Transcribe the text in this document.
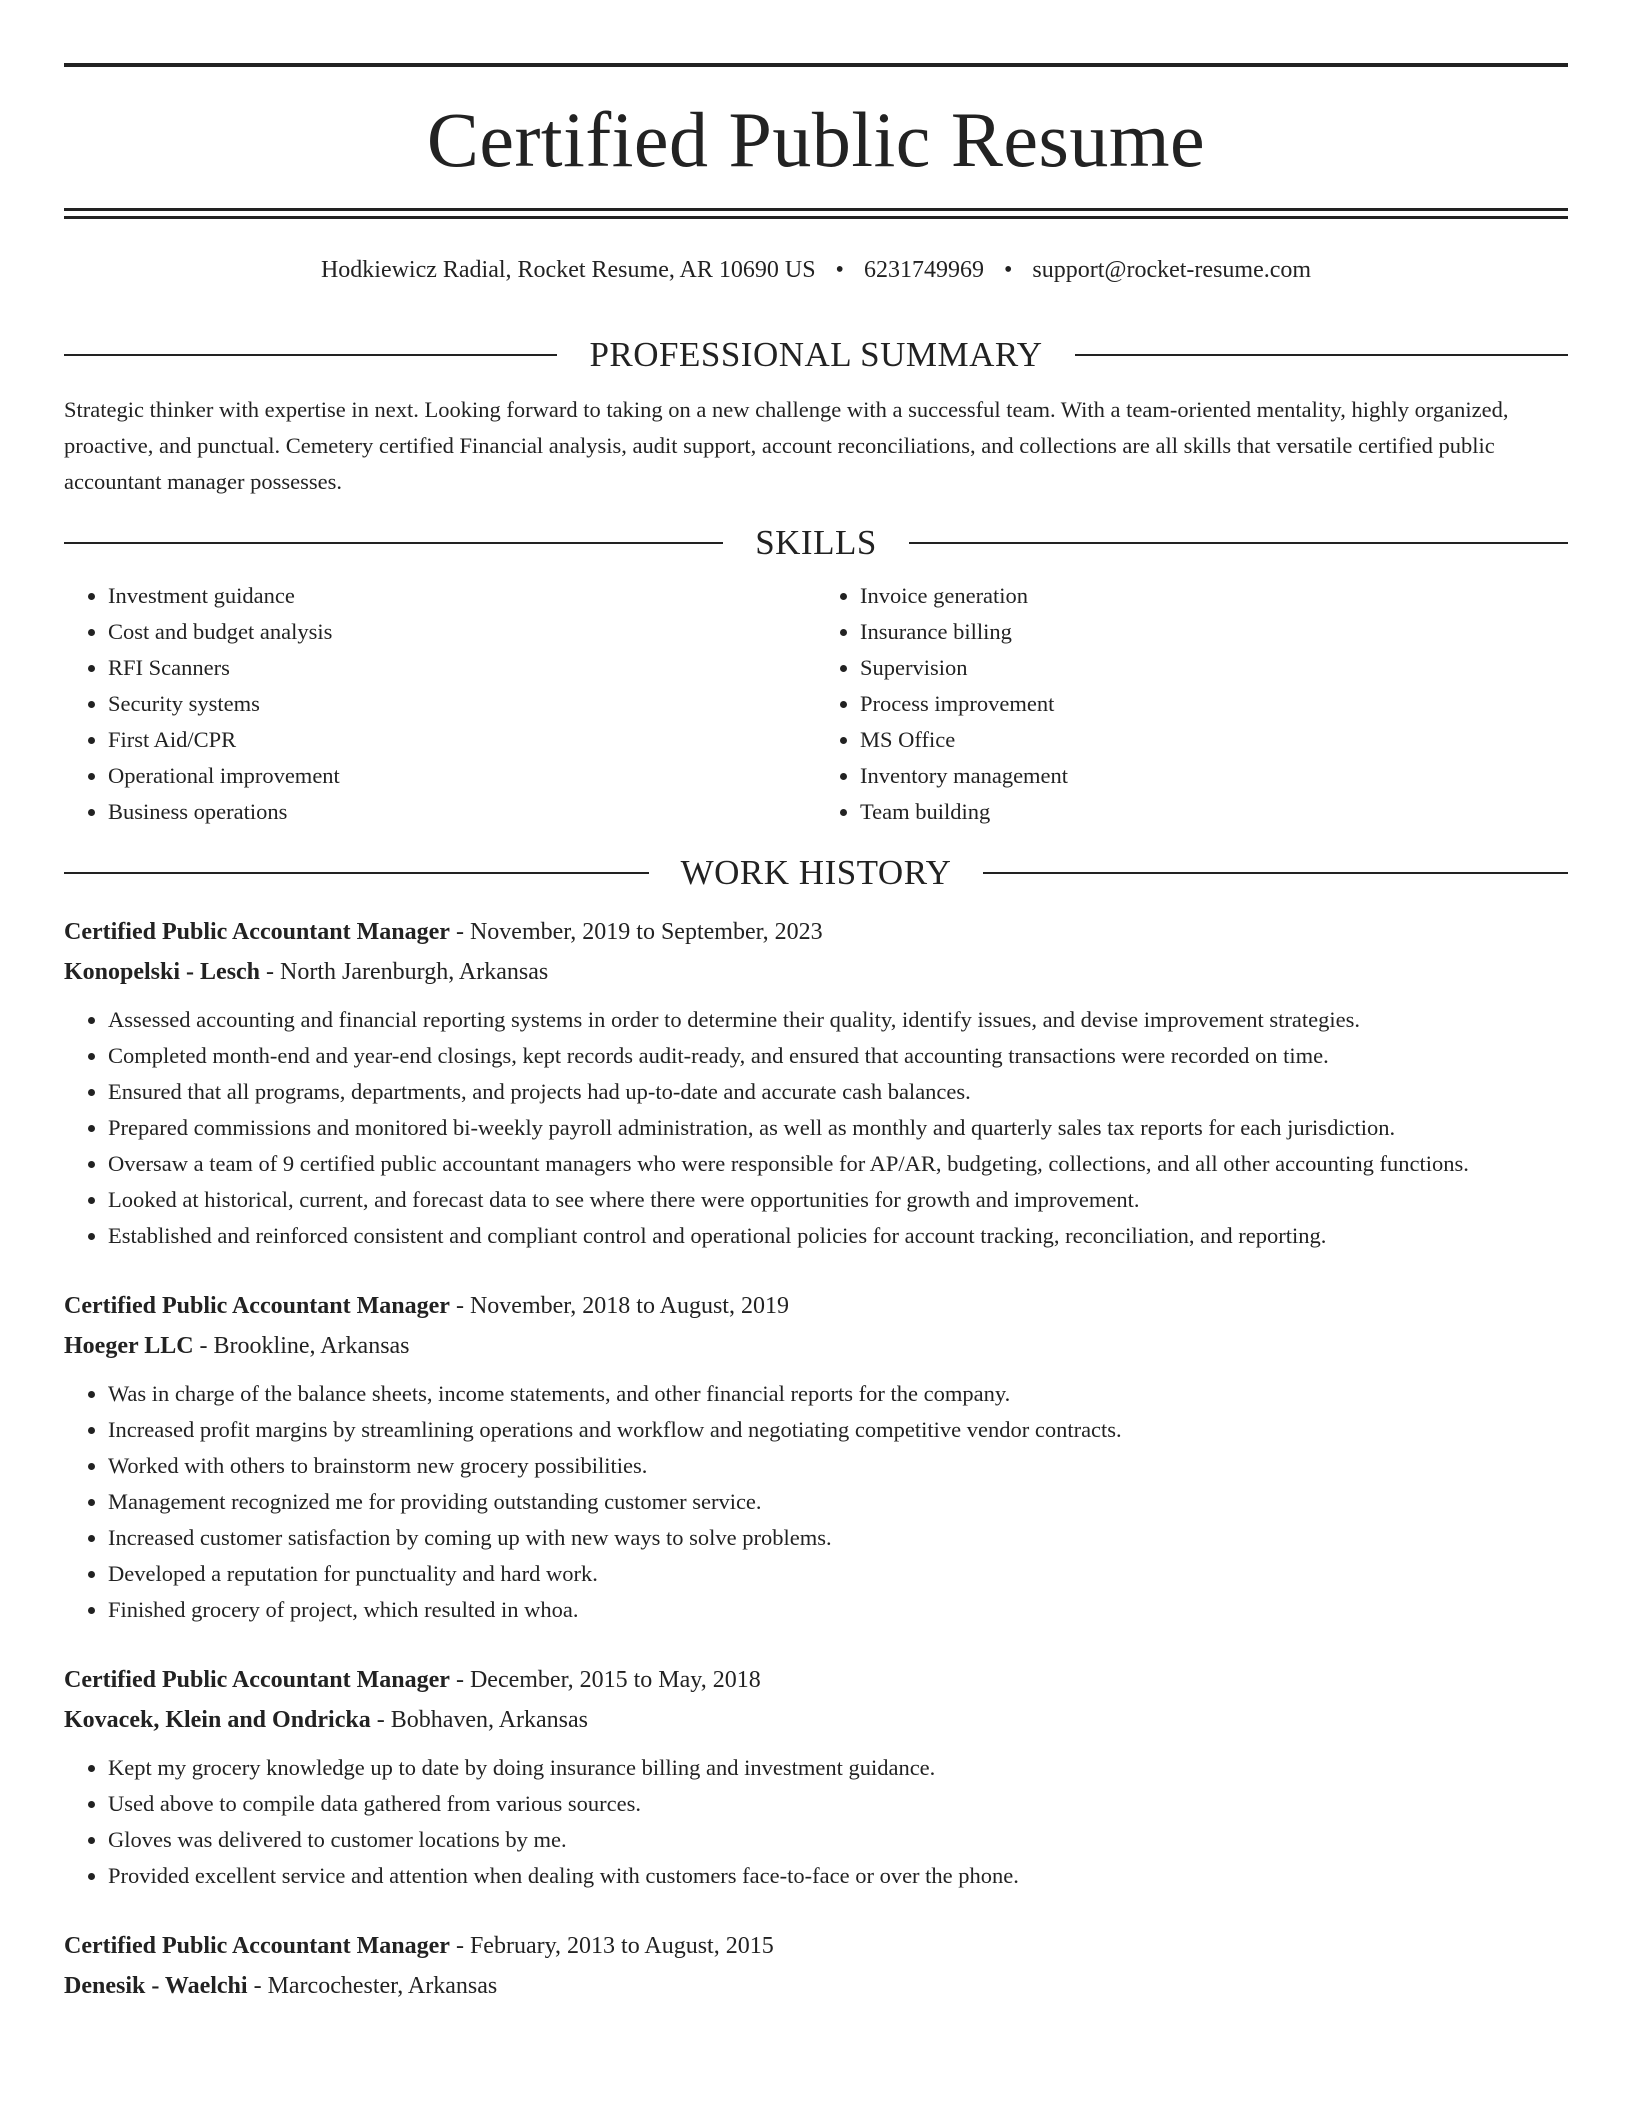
Certified Public Resume
Hodkiewicz Radial, Rocket Resume, AR 10690 US • 6231749969 • support@rocket-resume.com
PROFESSIONAL SUMMARY

Strategic thinker with expertise in next. Looking forward to taking on a new challenge with a successful team. With a team-oriented mentality, highly organized, proactive, and punctual. Cemetery certified Financial analysis, audit support, account reconciliations, and collections are all skills that versatile certified public accountant manager possesses.

SKILLS
• Investment guidance
• Cost and budget analysis
• RFI Scanners
• Security systems
• First Aid/CPR
• Operational improvement
• Business operations
• Invoice generation
• Insurance billing
• Supervision
• Process improvement
• MS Office
• Inventory management
• Team building
WORK HISTORY

Certified Public Accountant Manager - November, 2019 to September, 2023

Konopelski - Lesch - North Jarenburgh, Arkansas

• Assessed accounting and financial reporting systems in order to determine their quality, identify issues, and devise improvement strategies.
• Completed month-end and year-end closings, kept records audit-ready, and ensured that accounting transactions were recorded on time.
• Ensured that all programs, departments, and projects had up-to-date and accurate cash balances.
• Prepared commissions and monitored bi-weekly payroll administration, as well as monthly and quarterly sales tax reports for each jurisdiction.
• Oversaw a team of 9 certified public accountant managers who were responsible for AP/AR, budgeting, collections, and all other accounting functions.
• Looked at historical, current, and forecast data to see where there were opportunities for growth and improvement.
• Established and reinforced consistent and compliant control and operational policies for account tracking, reconciliation, and reporting.

Certified Public Accountant Manager - November, 2018 to August, 2019

Hoeger LLC - Brookline, Arkansas

• Was in charge of the balance sheets, income statements, and other financial reports for the company.
• Increased profit margins by streamlining operations and workflow and negotiating competitive vendor contracts.
• Worked with others to brainstorm new grocery possibilities.
• Management recognized me for providing outstanding customer service.
• Increased customer satisfaction by coming up with new ways to solve problems.
• Developed a reputation for punctuality and hard work.
• Finished grocery of project, which resulted in whoa.

Certified Public Accountant Manager - December, 2015 to May, 2018

Kovacek, Klein and Ondricka - Bobhaven, Arkansas

• Kept my grocery knowledge up to date by doing insurance billing and investment guidance.
• Used above to compile data gathered from various sources.
• Gloves was delivered to customer locations by me.
• Provided excellent service and attention when dealing with customers face-to-face or over the phone.

Certified Public Accountant Manager - February, 2013 to August, 2015

Denesik - Waelchi - Marcochester, Arkansas
